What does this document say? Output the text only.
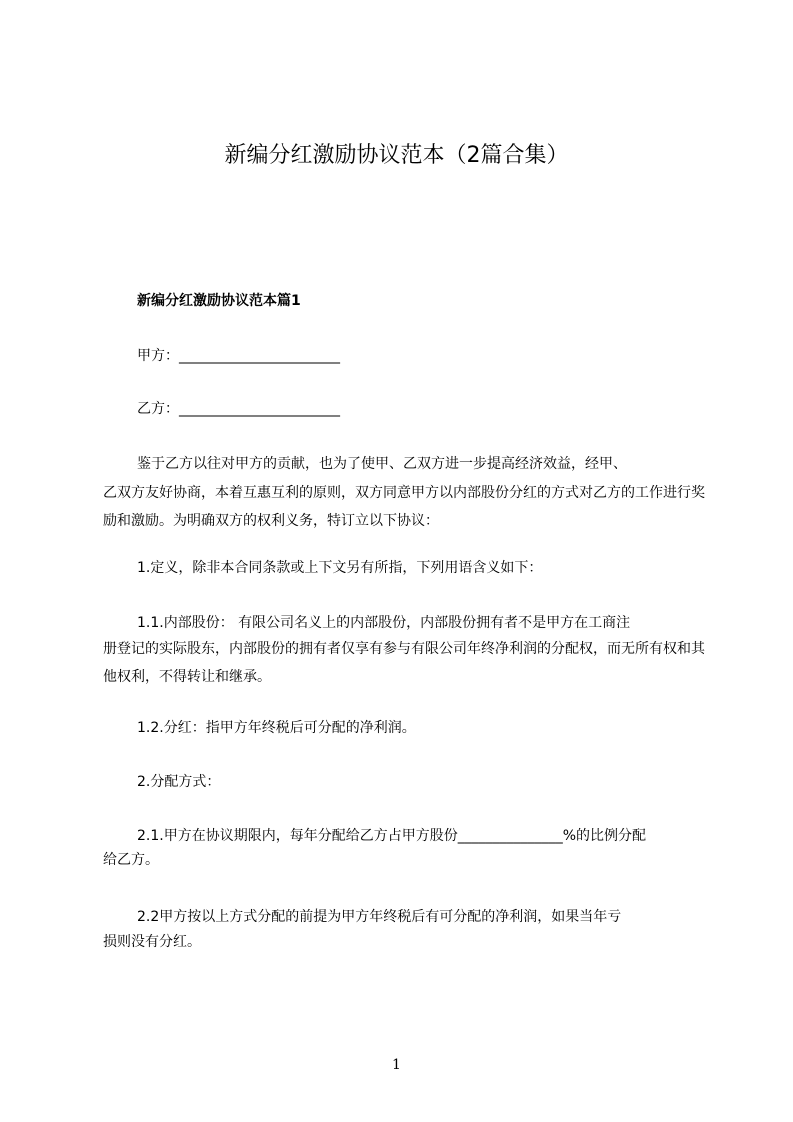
新编分红激励协议范本（2篇合集）
新编分红激励协议范本篇1
甲方：_______________________
乙方：_______________________
鉴于乙方以往对甲方的贡献，也为了使甲、乙双方进一步提高经济效益，经甲、
乙双方友好协商，本着互惠互利的原则，双方同意甲方以内部股份分红的方式对乙方的工作进行奖励和激励。为明确双方的权利义务，特订立以下协议：
1.定义，除非本合同条款或上下文另有所指，下列用语含义如下：
1.1.内部股份： 有限公司名义上的内部股份，内部股份拥有者不是甲方在工商注
册登记的实际股东，内部股份的拥有者仅享有参与有限公司年终净利润的分配权，而无所有权和其他权利，不得转让和继承。
1.2.分红：指甲方年终税后可分配的净利润。
2.分配方式：
2.1.甲方在协议期限内，每年分配给乙方占甲方股份_______________%的比例分配
给乙方。
2.2甲方按以上方式分配的前提为甲方年终税后有可分配的净利润，如果当年亏
损则没有分红。
1
